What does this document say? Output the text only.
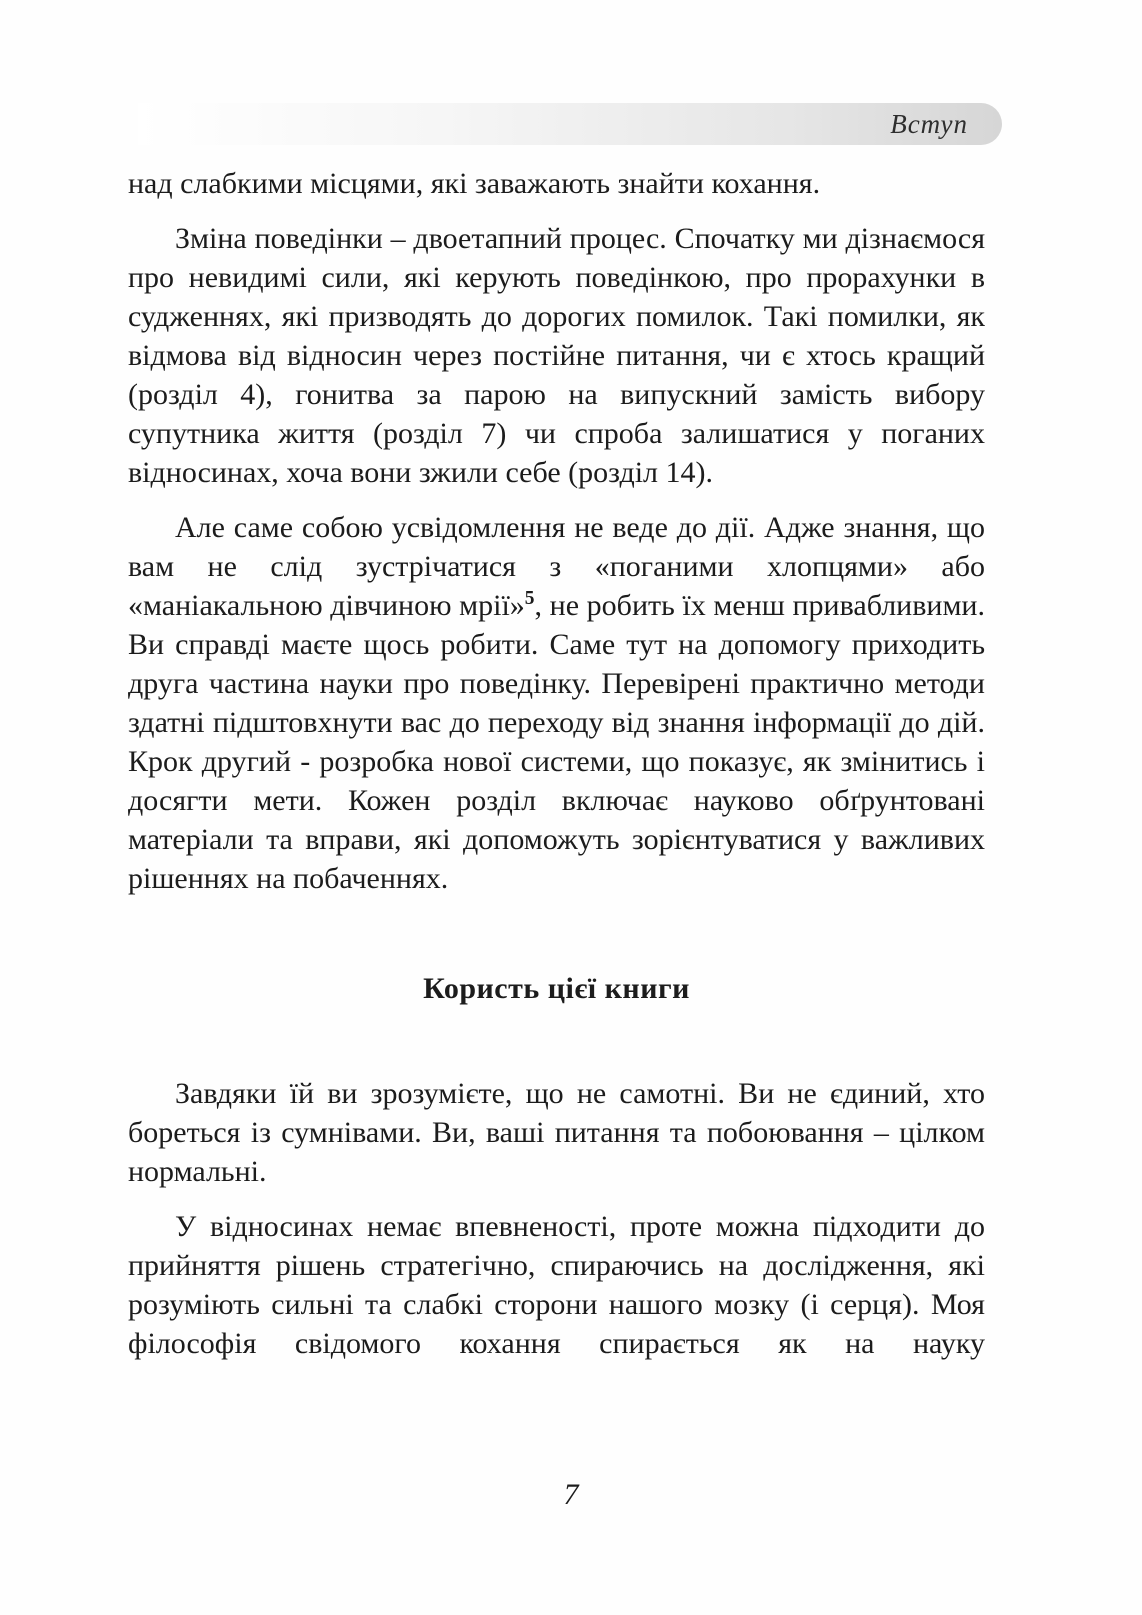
Вступ

над слабкими місцями, які заважають знайти кохання.

Зміна поведінки – двоетапний процес. Спочатку ми дізнаємося про невидимі сили, які керують поведінкою, про прорахунки в судженнях, які призводять до дорогих помилок. Такі помилки, як відмова від відносин через постійне питання, чи є хтось кращий (розділ 4), гонитва за парою на випускний замість вибору супутника життя (розділ 7) чи спроба залишатися у поганих відносинах, хоча вони зжили себе (розділ 14).

Але саме собою усвідомлення не веде до дії. Адже знання, що вам не слід зустрічатися з «поганими хлопцями» або «маніакальною дівчиною мрії»$^5$, не робить їх менш привабливими. Ви справді маєте щось робити. Саме тут на допомогу приходить друга частина науки про поведінку. Перевірені практично методи здатні підштовхнути вас до переходу від знання інформації до дій. Крок другий - розробка нової системи, що показує, як змінитись і досягти мети. Кожен розділ включає науково обґрунтовані матеріали та вправи, які допоможуть зорієнтуватися у важливих рішеннях на побаченнях.

Користь цієї книги

Завдяки їй ви зрозумієте, що не самотні. Ви не єдиний, хто бореться із сумнівами. Ви, ваші питання та побоювання – цілком нормальні.

У відносинах немає впевненості, проте можна підходити до прийняття рішень стратегічно, спираючись на дослідження, які розуміють сильні та слабкі сторони нашого мозку (і серця). Моя філософія свідомого кохання спирається як на науку

7
